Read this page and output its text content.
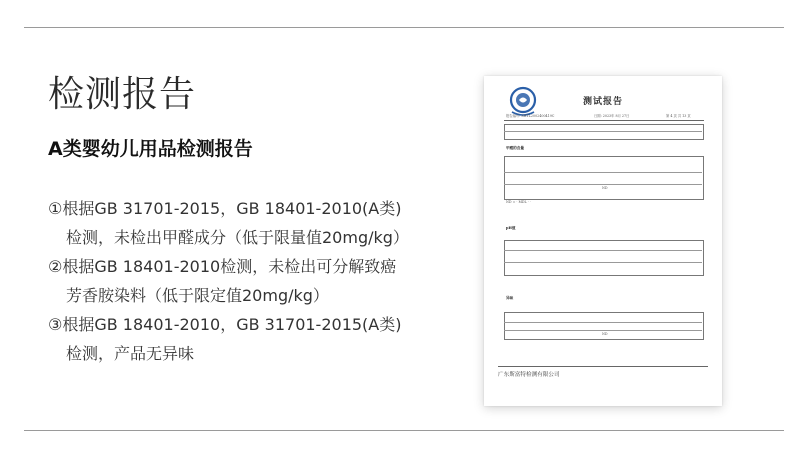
检测报告
A类婴幼儿用品检测报告
①根据GB 31701-2015，GB 18401-2010(A类)
检测，未检出甲醛成分（低于限量值20mg/kg）
②根据GB 18401-2010检测，未检出可分解致癌
芳香胺染料（低于限定值20mg/kg）
③根据GB 18401-2010，GB 31701-2015(A类)
检测，产品无异味
测试报告
报告编号: SHTL2002400419C	日期: 2023年 8月 27日	第 4 页 共 13 页
甲醛的含量
ND
ND = · MDL · ·
pH值
异味
ND
广东斯富特检测有限公司
